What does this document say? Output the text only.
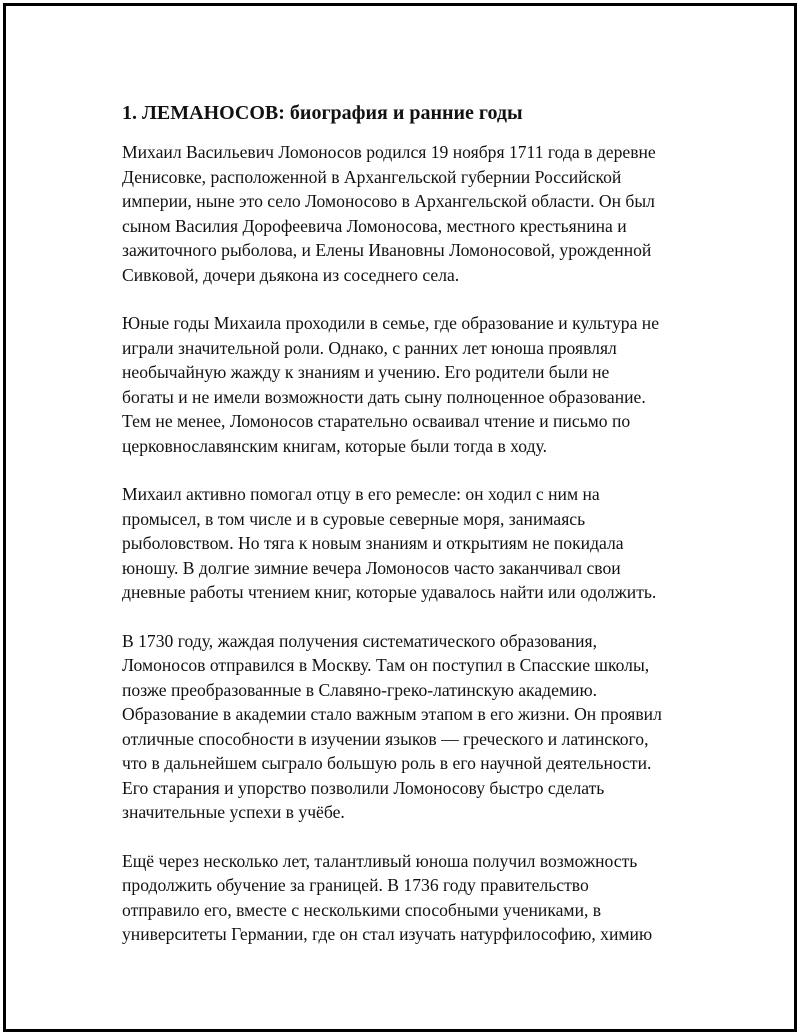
1. ЛЕМАНОСОВ: биография и ранние годы
Михаил Васильевич Ломоносов родился 19 ноября 1711 года в деревне
Денисовке, расположенной в Архангельской губернии Российской
империи, ныне это село Ломоносово в Архангельской области. Он был
сыном Василия Дорофеевича Ломоносова, местного крестьянина и
зажиточного рыболова, и Елены Ивановны Ломоносовой, урожденной
Сивковой, дочери дьякона из соседнего села.
Юные годы Михаила проходили в семье, где образование и культура не
играли значительной роли. Однако, с ранних лет юноша проявлял
необычайную жажду к знаниям и учению. Его родители были не
богаты и не имели возможности дать сыну полноценное образование.
Тем не менее, Ломоносов старательно осваивал чтение и письмо по
церковнославянским книгам, которые были тогда в ходу.
Михаил активно помогал отцу в его ремесле: он ходил с ним на
промысел, в том числе и в суровые северные моря, занимаясь
рыболовством. Но тяга к новым знаниям и открытиям не покидала
юношу. В долгие зимние вечера Ломоносов часто заканчивал свои
дневные работы чтением книг, которые удавалось найти или одолжить.
В 1730 году, жаждая получения систематического образования,
Ломоносов отправился в Москву. Там он поступил в Спасские школы,
позже преобразованные в Славяно-греко-латинскую академию.
Образование в академии стало важным этапом в его жизни. Он проявил
отличные способности в изучении языков — греческого и латинского,
что в дальнейшем сыграло большую роль в его научной деятельности.
Его старания и упорство позволили Ломоносову быстро сделать
значительные успехи в учёбе.
Ещё через несколько лет, талантливый юноша получил возможность
продолжить обучение за границей. В 1736 году правительство
отправило его, вместе с несколькими способными учениками, в
университеты Германии, где он стал изучать натурфилософию, химию
